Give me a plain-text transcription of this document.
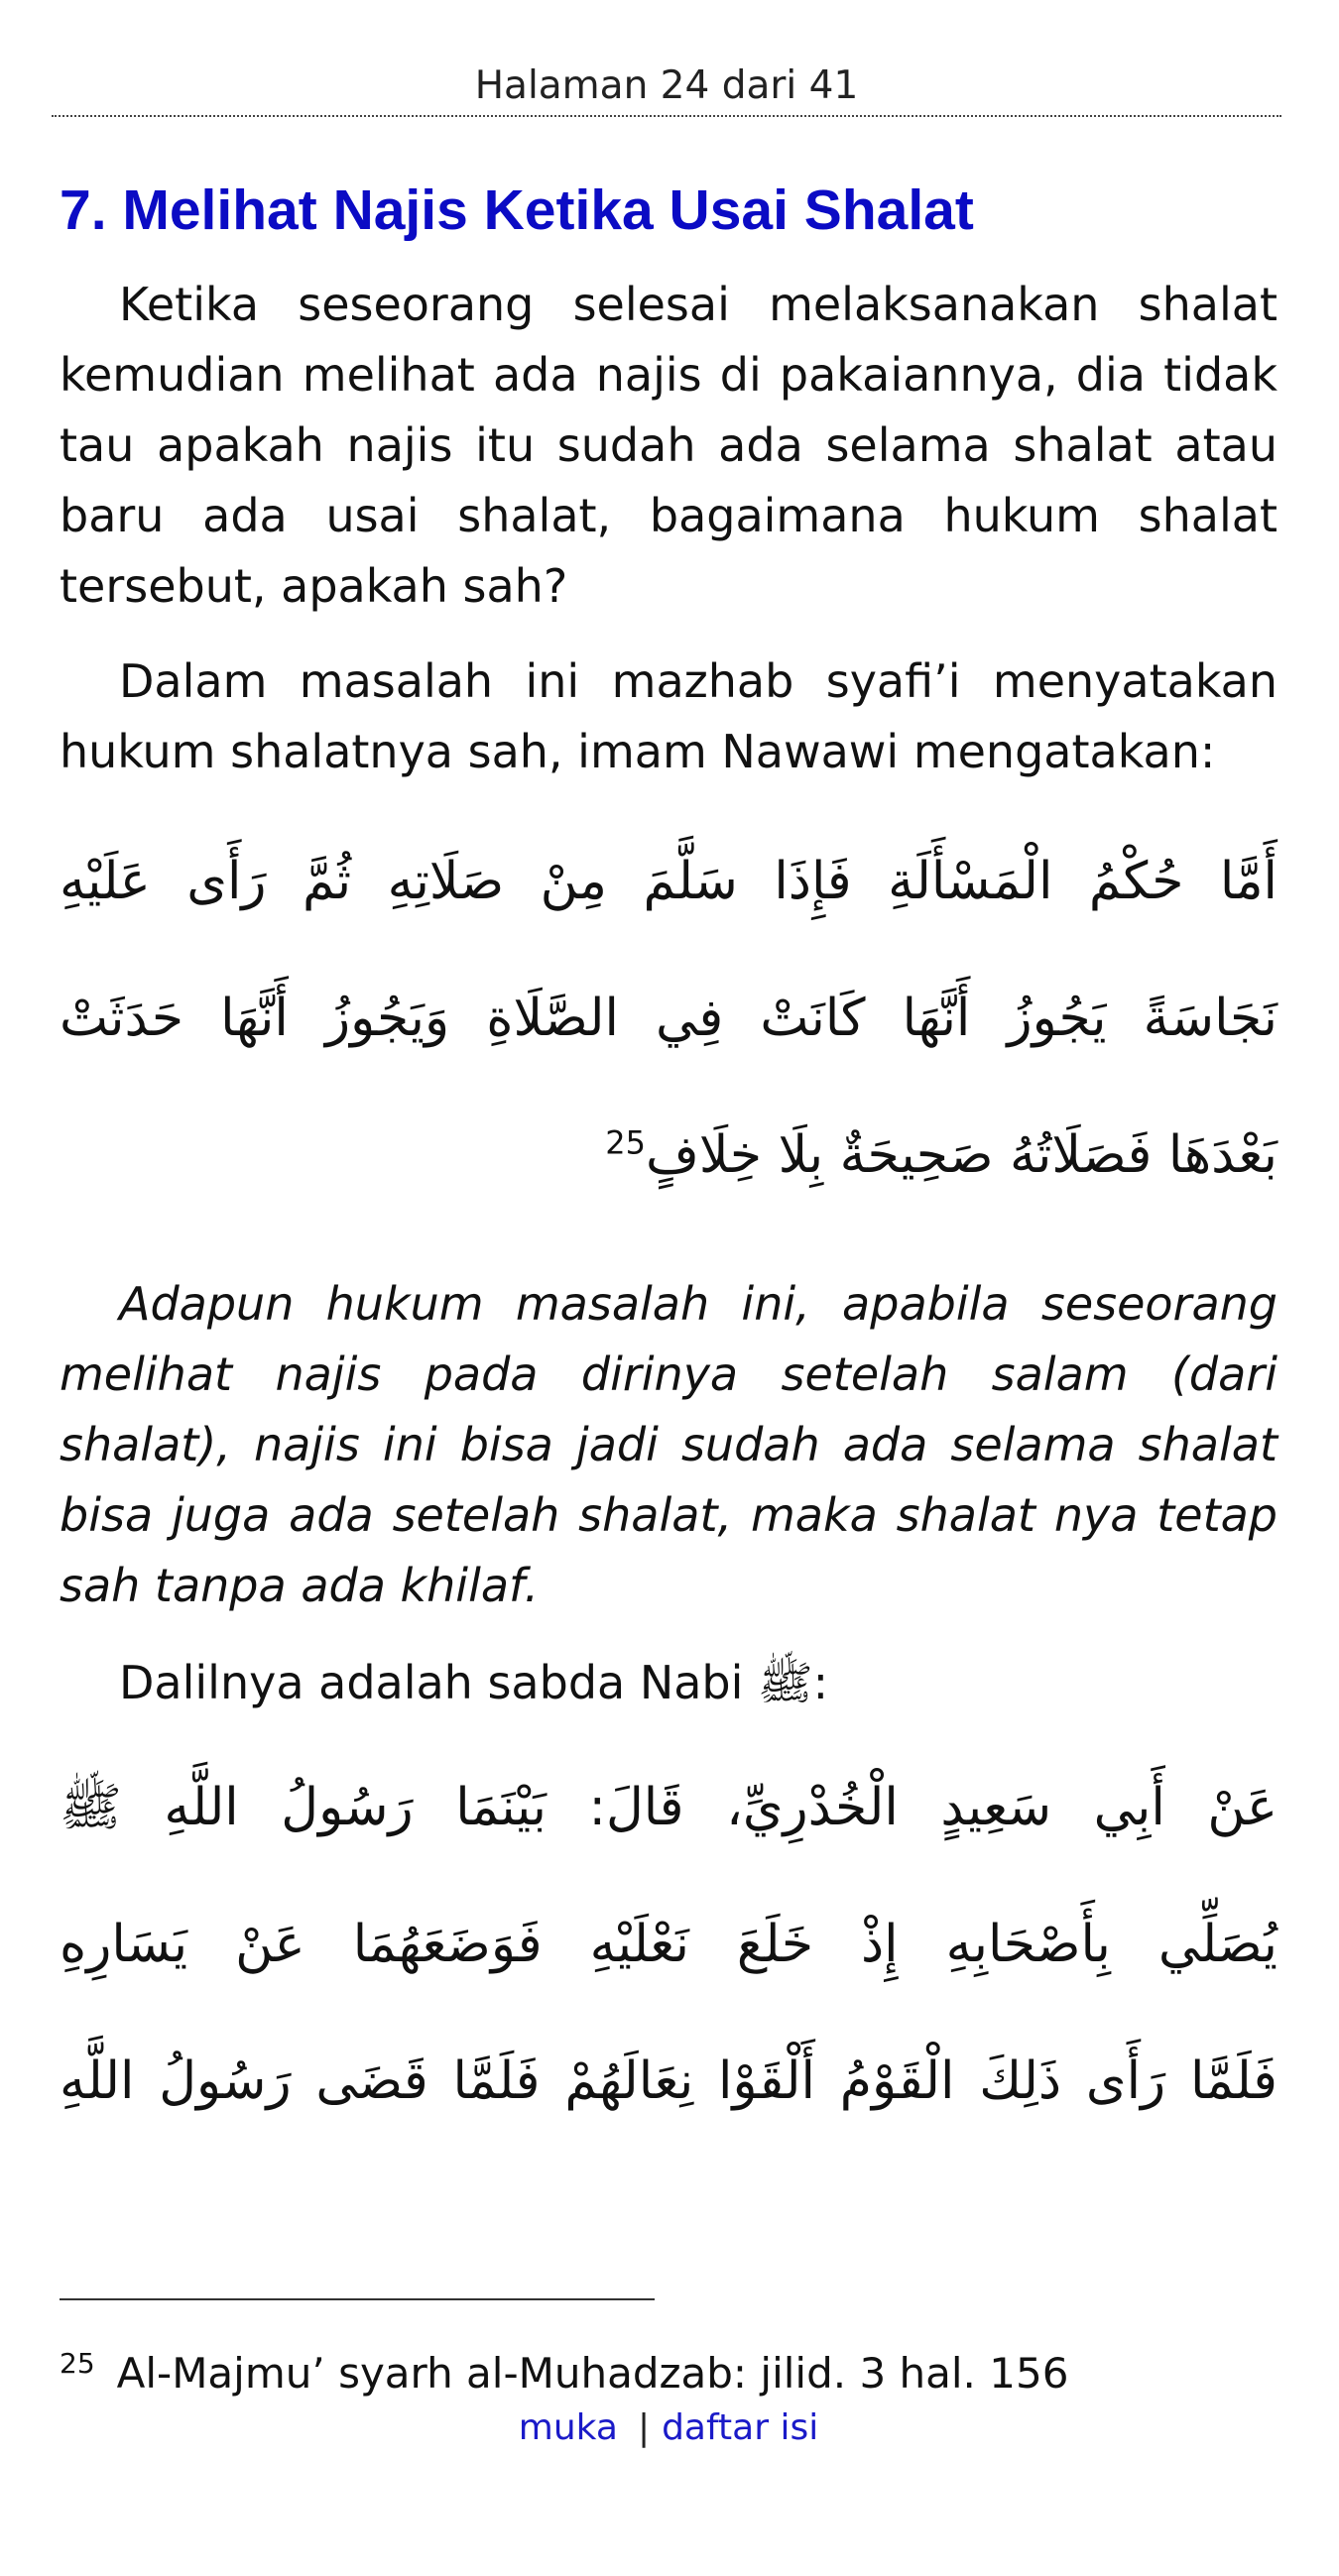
Halaman 24 dari 41
7. Melihat Najis Ketika Usai Shalat

Ketika seseorang selesai melaksanakan shalat kemudian melihat ada najis di pakaiannya, dia tidak tau apakah najis itu sudah ada selama shalat atau baru ada usai shalat, bagaimana hukum shalat tersebut, apakah sah?

Dalam masalah ini mazhab syafi’i menyatakan hukum shalatnya sah, imam Nawawi mengatakan:

أَمَّا حُكْمُ الْمَسْأَلَةِ فَإِذَا سَلَّمَ مِنْ صَلَاتِهِ ثُمَّ رَأَى عَلَيْهِ
نَجَاسَةً يَجُوزُ أَنَّهَا كَانَتْ فِي الصَّلَاةِ وَيَجُوزُ أَنَّهَا حَدَثَتْ
بَعْدَهَا فَصَلَاتُهُ صَحِيحَةٌ بِلَا خِلَافٍ$^{25}$

Adapun hukum masalah ini, apabila seseorang melihat najis pada dirinya setelah salam (dari shalat), najis ini bisa jadi sudah ada selama shalat bisa juga ada setelah shalat, maka shalat nya tetap sah tanpa ada khilaf.

Dalilnya adalah sabda Nabi ﷺ:

عَنْ أَبِي سَعِيدٍ الْخُدْرِيِّ، قَالَ: بَيْنَمَا رَسُولُ اللَّهِ ﷺ
يُصَلِّي بِأَصْحَابِهِ إِذْ خَلَعَ نَعْلَيْهِ فَوَضَعَهُمَا عَنْ يَسَارِهِ
فَلَمَّا رَأَى ذَلِكَ الْقَوْمُ أَلْقَوْا نِعَالَهُمْ فَلَمَّا قَضَى رَسُولُ اللَّهِ
$^{25}$ Al-Majmu’ syarh al-Muhadzab: jilid. 3 hal. 156
muka | daftar isi
